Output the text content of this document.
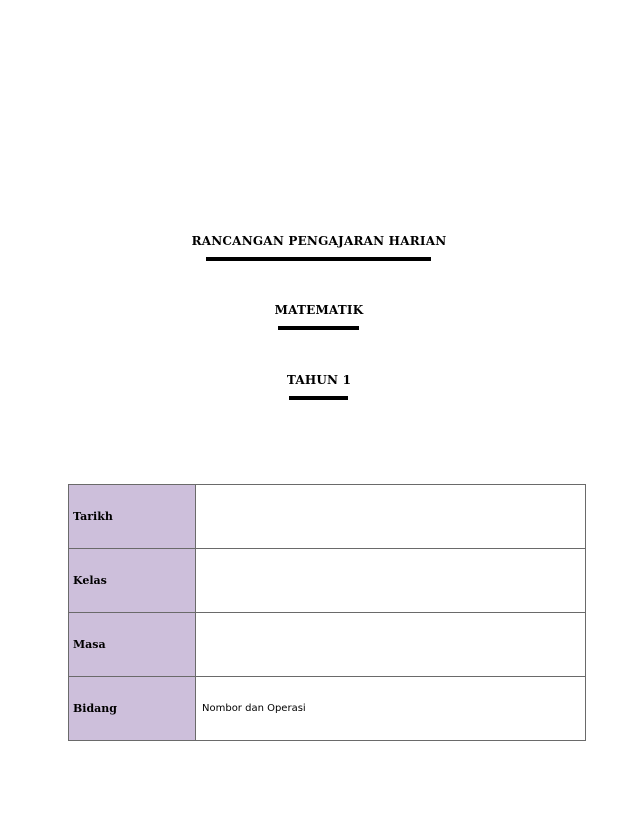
RANCANGAN PENGAJARAN HARIAN
MATEMATIK
TAHUN 1
Tarikh	
Kelas	
Masa	
Bidang	Nombor dan Operasi
